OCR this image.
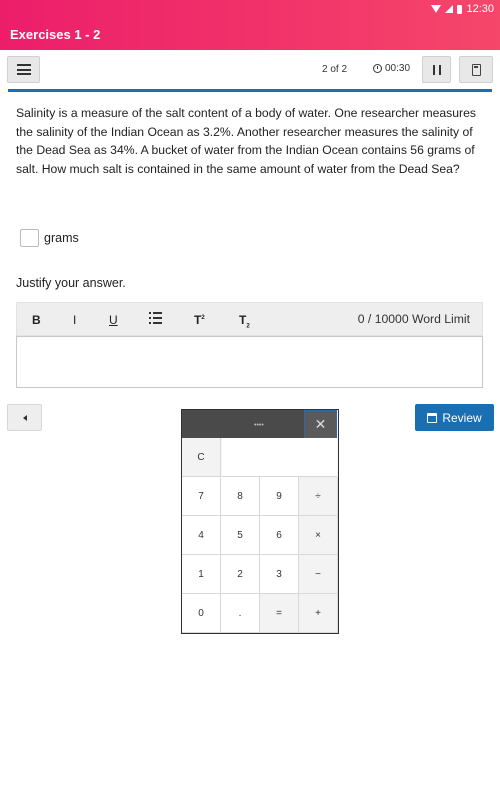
12:30
Exercises 1 - 2
2 of 2	00:30

Salinity is a measure of the salt content of a body of water. One researcher measures the salinity of the Indian Ocean as 3.2%. Another researcher measures the salinity of the Dead Sea as 34%. A bucket of water from the Indian Ocean contains 56 grams of salt. How much salt is contained in the same amount of water from the Dead Sea?

grams
Justify your answer.
B	I	U	$T^2$	$T_2$
0 / 10000 Word Limit
Review
••••	✕
C
7	8	9	÷
4	5	6	×
1	2	3	−
0	.	=	+
